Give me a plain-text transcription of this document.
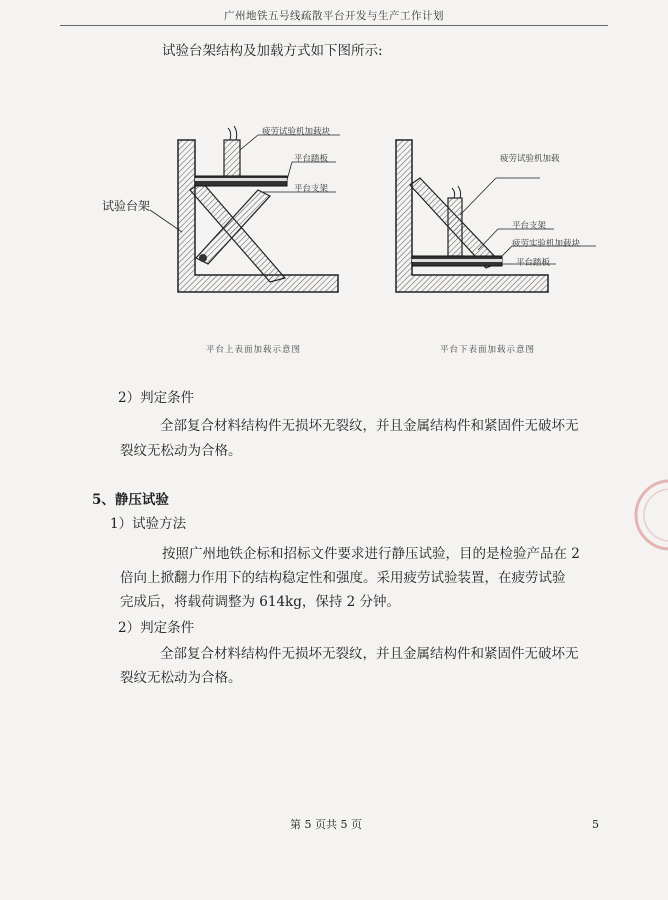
广州地铁五号线疏散平台开发与生产工作计划
试验台架结构及加载方式如下图所示:
疲劳试验机加载块
平台踏板
平台支架
试验台架
平台上表面加载示意图
疲劳试验机加载
平台支架
疲劳实验机加载块
平台踏板
平台下表面加载示意图
2）判定条件
全部复合材料结构件无损坏无裂纹，并且金属结构件和紧固件无破坏无
裂纹无松动为合格。
5、静压试验
1）试验方法
按照广州地铁企标和招标文件要求进行静压试验，目的是检验产品在 2
倍向上掀翻力作用下的结构稳定性和强度。采用疲劳试验装置，在疲劳试验
完成后，将载荷调整为 614kg，保持 2 分钟。
2）判定条件
全部复合材料结构件无损坏无裂纹，并且金属结构件和紧固件无破坏无
裂纹无松动为合格。
第 5 页共 5 页	5
